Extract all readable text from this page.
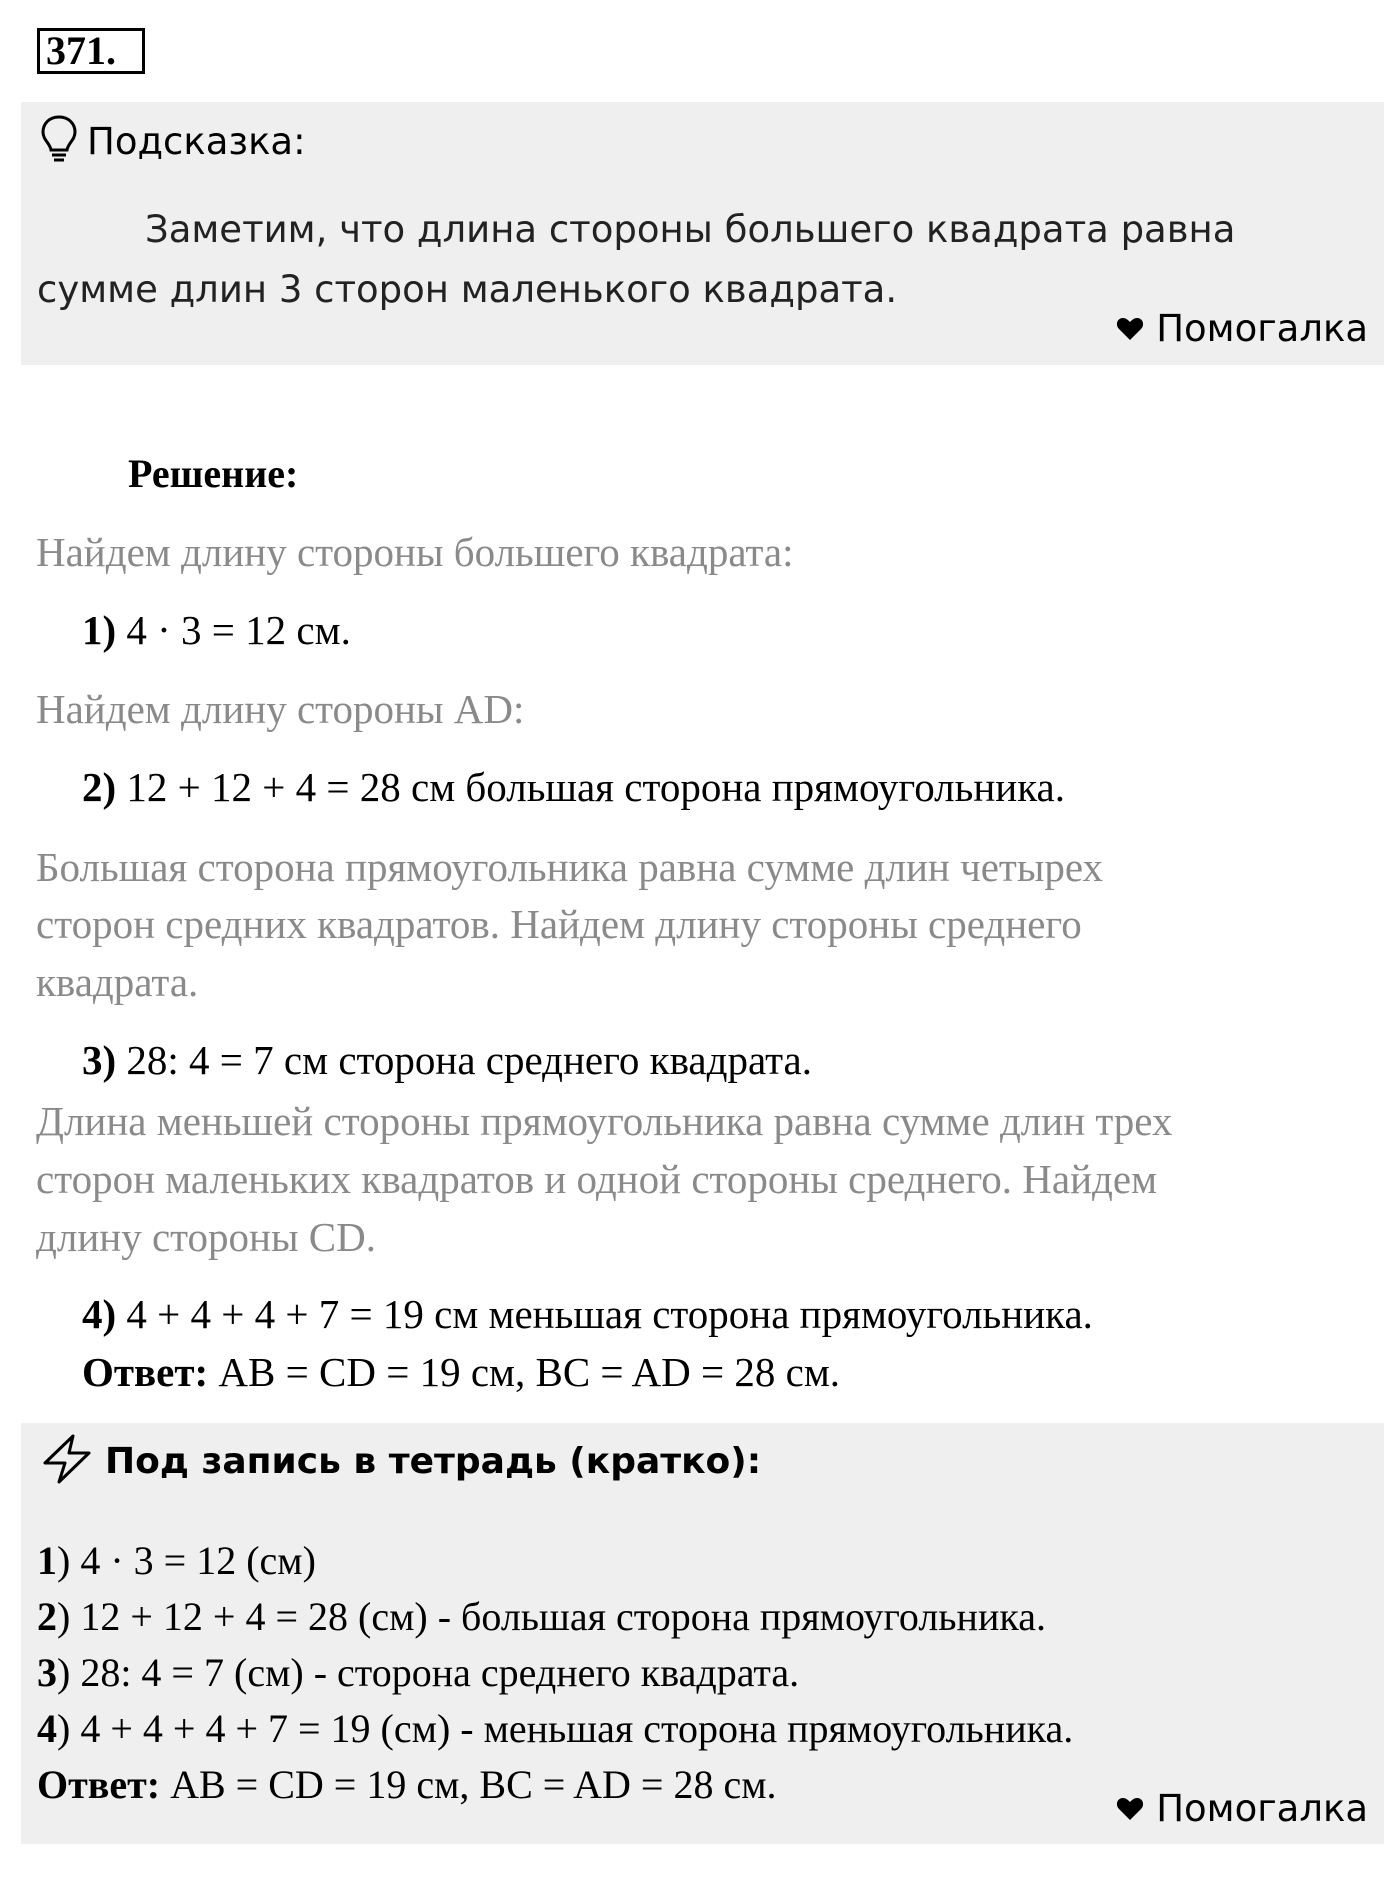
371.
Подсказка:
Заметим, что длина стороны большего квадрата равна сумме длин 3 сторон маленького квадрата.
Помогалка
Решение:
Найдем длину стороны большего квадрата:
1) 4 · 3 = 12 см.
Найдем длину стороны AD:
2) 12 + 12 + 4 = 28 см большая сторона прямоугольника.
Большая сторона прямоугольника равна сумме длин четырех
сторон средних квадратов. Найдем длину стороны среднего
квадрата.
3) 28: 4 = 7 см сторона среднего квадрата.
Длина меньшей стороны прямоугольника равна сумме длин трех
сторон маленьких квадратов и одной стороны среднего. Найдем
длину стороны CD.
4) 4 + 4 + 4 + 7 = 19 см меньшая сторона прямоугольника.
Ответ: AB = CD = 19 см, BC = AD = 28 см.
Под запись в тетрадь (кратко):
1) 4 · 3 = 12 (см)
2) 12 + 12 + 4 = 28 (см) - большая сторона прямоугольника.
3) 28: 4 = 7 (см) - сторона среднего квадрата.
4) 4 + 4 + 4 + 7 = 19 (см) - меньшая сторона прямоугольника.
Ответ: AB = CD = 19 см, BC = AD = 28 см.
Помогалка
